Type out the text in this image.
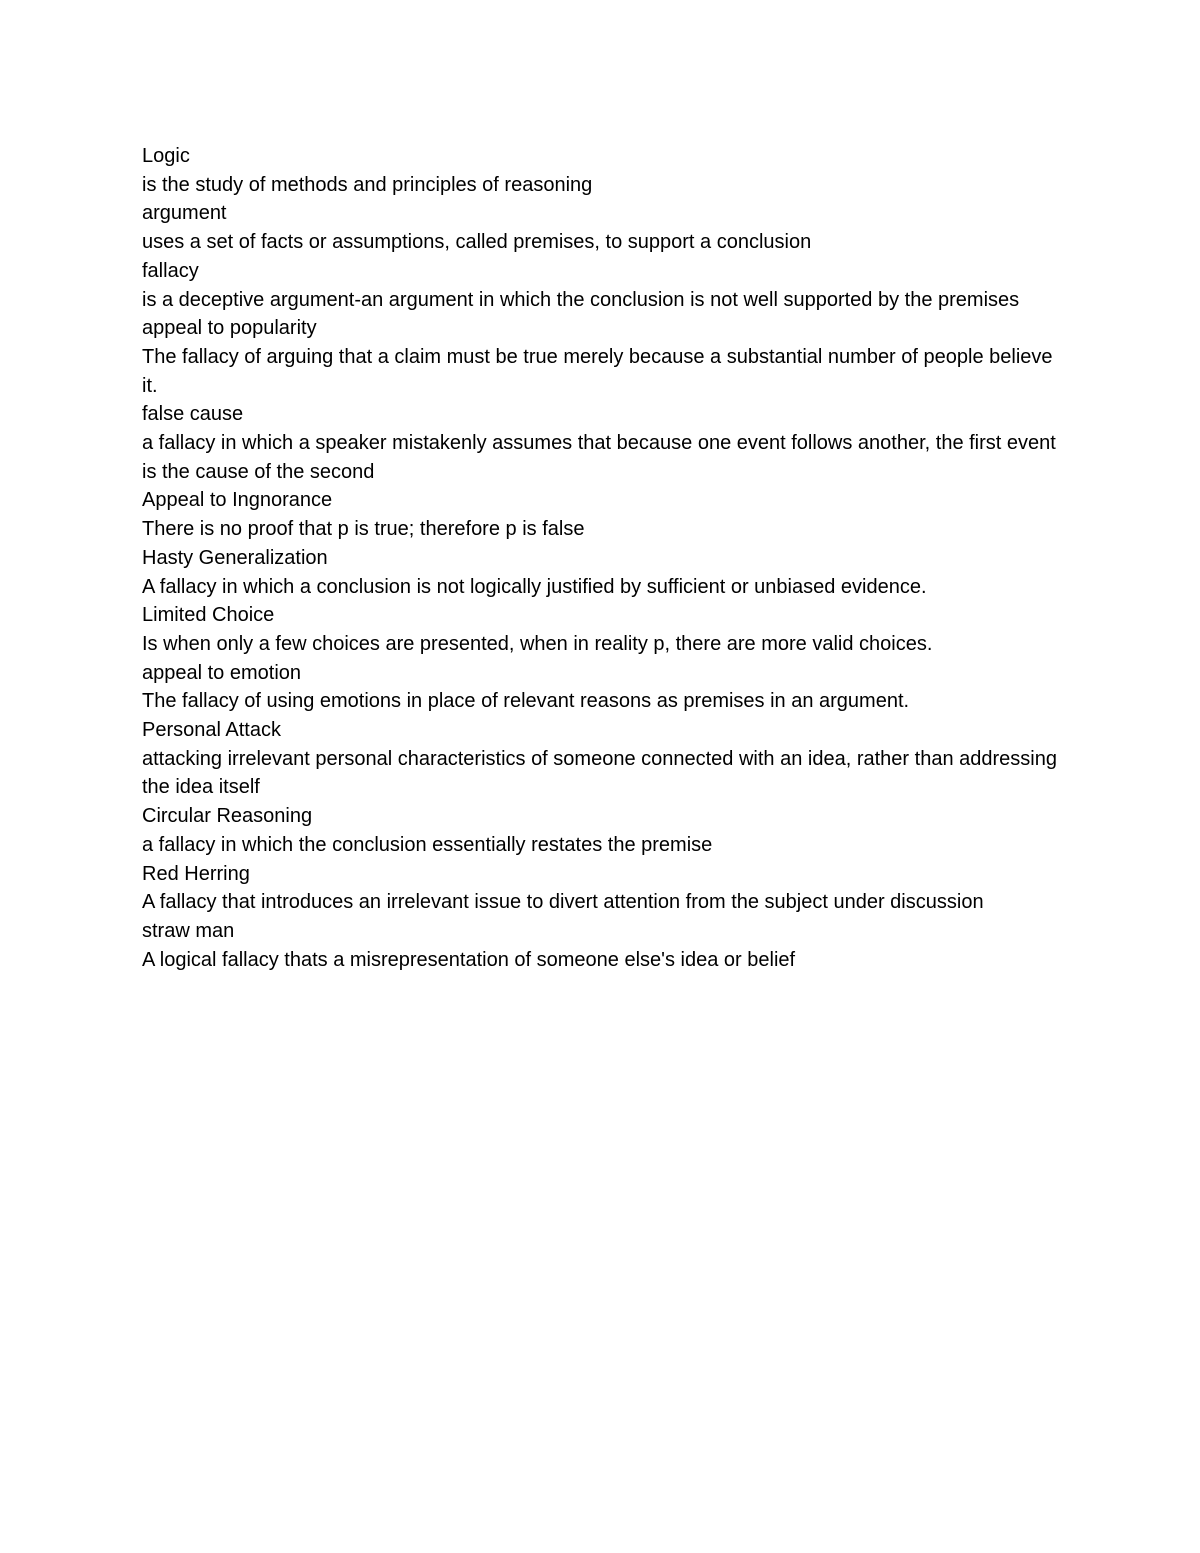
Logic

is the study of methods and principles of reasoning

argument

uses a set of facts or assumptions, called premises, to support a conclusion

fallacy

is a deceptive argument-an argument in which the conclusion is not well supported by the premises

appeal to popularity

The fallacy of arguing that a claim must be true merely because a substantial number of people believe it.

false cause

a fallacy in which a speaker mistakenly assumes that because one event follows another, the first event is the cause of the second

Appeal to Ingnorance

There is no proof that p is true; therefore p is false

Hasty Generalization

A fallacy in which a conclusion is not logically justified by sufficient or unbiased evidence.

Limited Choice

Is when only a few choices are presented, when in reality p, there are more valid choices.

appeal to emotion

The fallacy of using emotions in place of relevant reasons as premises in an argument.

Personal Attack

attacking irrelevant personal characteristics of someone connected with an idea, rather than addressing the idea itself

Circular Reasoning

a fallacy in which the conclusion essentially restates the premise

Red Herring

A fallacy that introduces an irrelevant issue to divert attention from the subject under discussion

straw man

A logical fallacy thats a misrepresentation of someone else's idea or belief
